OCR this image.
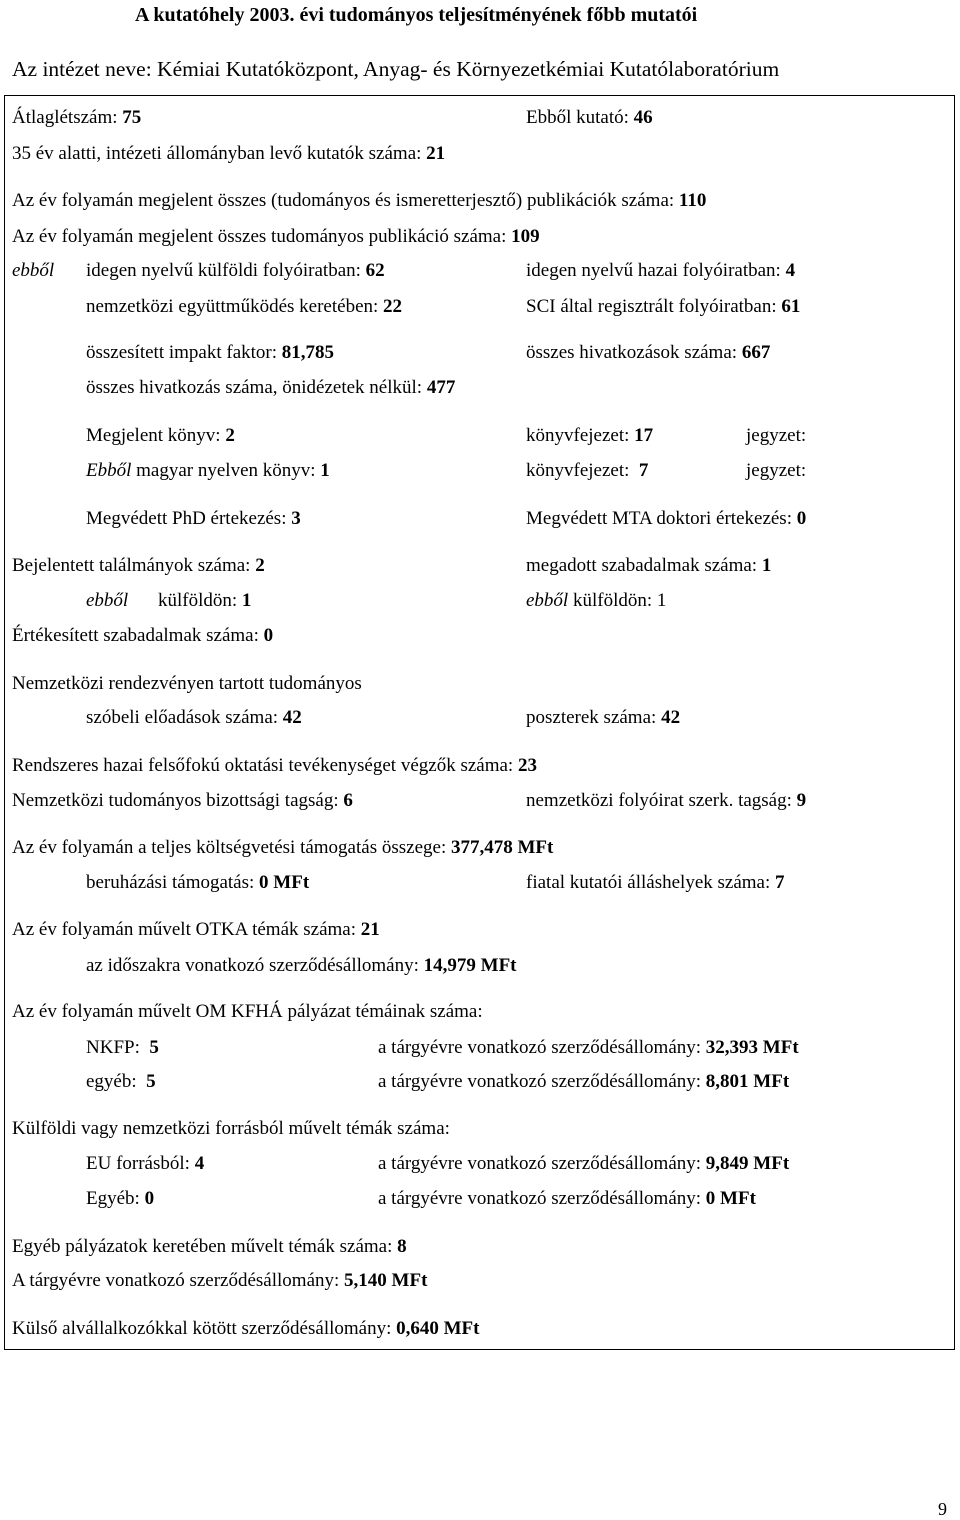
A kutatóhely 2003. évi tudományos teljesítményének főbb mutatói
Az intézet neve: Kémiai Kutatóközpont, Anyag- és Környezetkémiai Kutatólaboratórium
Átlaglétszám: 75	Ebből kutató: 46
35 év alatti, intézeti állományban levő kutatók száma: 21
Az év folyamán megjelent összes (tudományos és ismeretterjesztő) publikációk száma: 110
Az év folyamán megjelent összes tudományos publikáció száma: 109
ebből idegen nyelvű külföldi folyóiratban: 62	idegen nyelvű hazai folyóiratban: 4
nemzetközi együttműködés keretében: 22	SCI által regisztrált folyóiratban: 61
összesített impakt faktor: 81,785	összes hivatkozások száma: 667
összes hivatkozás száma, önidézetek nélkül: 477
Megjelent könyv: 2	könyvfejezet: 17	jegyzet:
Ebből magyar nyelven könyv: 1	könyvfejezet: 7	jegyzet:
Megvédett PhD értekezés: 3	Megvédett MTA doktori értekezés: 0
Bejelentett találmányok száma: 2	megadott szabadalmak száma: 1
ebből külföldön: 1	ebből külföldön: 1
Értékesített szabadalmak száma: 0
Nemzetközi rendezvényen tartott tudományos
szóbeli előadások száma: 42	poszterek száma: 42
Rendszeres hazai felsőfokú oktatási tevékenységet végzők száma: 23
Nemzetközi tudományos bizottsági tagság: 6	nemzetközi folyóirat szerk. tagság: 9
Az év folyamán a teljes költségvetési támogatás összege: 377,478 MFt
beruházási támogatás: 0 MFt	fiatal kutatói álláshelyek száma: 7
Az év folyamán művelt OTKA témák száma: 21
az időszakra vonatkozó szerződésállomány: 14,979 MFt
Az év folyamán művelt OM KFHÁ pályázat témáinak száma:
NKFP: 5	a tárgyévre vonatkozó szerződésállomány: 32,393 MFt
egyéb: 5	a tárgyévre vonatkozó szerződésállomány: 8,801 MFt
Külföldi vagy nemzetközi forrásból művelt témák száma:
EU forrásból: 4	a tárgyévre vonatkozó szerződésállomány: 9,849 MFt
Egyéb: 0	a tárgyévre vonatkozó szerződésállomány: 0 MFt
Egyéb pályázatok keretében művelt témák száma: 8
A tárgyévre vonatkozó szerződésállomány: 5,140 MFt
Külső alvállalkozókkal kötött szerződésállomány: 0,640 MFt
9
